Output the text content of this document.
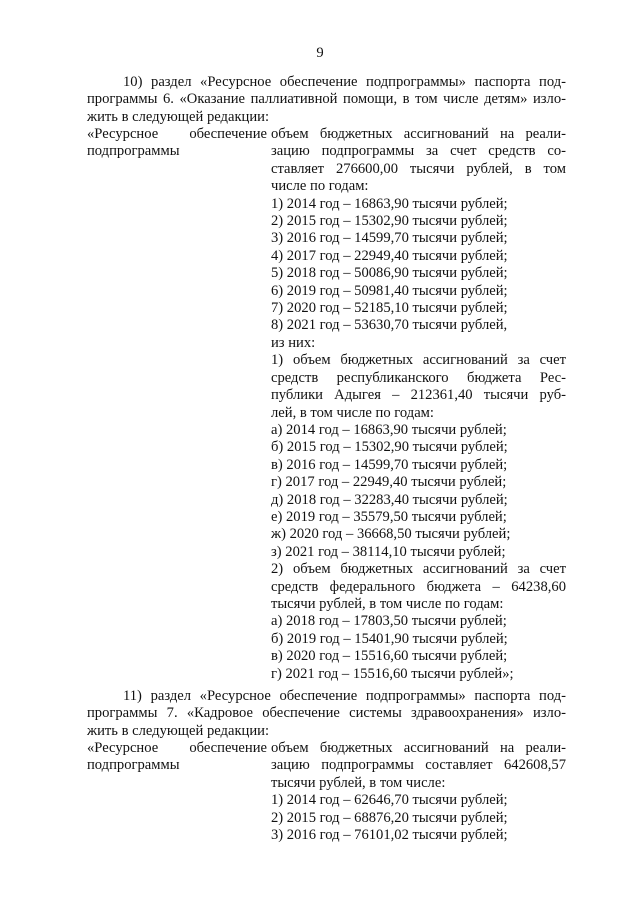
9
10) раздел «Ресурсное обеспечение подпрограммы» паспорта под-
программы 6. «Оказание паллиативной помощи, в том числе детям» изло-
жить в следующей редакции:
«Ресурсное обеспечение
подпрограммы
объем бюджетных ассигнований на реали-
зацию подпрограммы за счет средств со-
ставляет 276600,00 тысячи рублей, в том
числе по годам:
1) 2014 год – 16863,90 тысячи рублей;
2) 2015 год – 15302,90 тысячи рублей;
3) 2016 год – 14599,70 тысячи рублей;
4) 2017 год – 22949,40 тысячи рублей;
5) 2018 год – 50086,90 тысячи рублей;
6) 2019 год – 50981,40 тысячи рублей;
7) 2020 год – 52185,10 тысячи рублей;
8) 2021 год – 53630,70 тысячи рублей,
из них:
1) объем бюджетных ассигнований за счет
средств республиканского бюджета Рес-
публики Адыгея – 212361,40 тысячи руб-
лей, в том числе по годам:
а) 2014 год – 16863,90 тысячи рублей;
б) 2015 год – 15302,90 тысячи рублей;
в) 2016 год – 14599,70 тысячи рублей;
г) 2017 год – 22949,40 тысячи рублей;
д) 2018 год – 32283,40 тысячи рублей;
е) 2019 год – 35579,50 тысячи рублей;
ж) 2020 год – 36668,50 тысячи рублей;
з) 2021 год – 38114,10 тысячи рублей;
2) объем бюджетных ассигнований за счет
средств федерального бюджета – 64238,60
тысячи рублей, в том числе по годам:
а) 2018 год – 17803,50 тысячи рублей;
б) 2019 год – 15401,90 тысячи рублей;
в) 2020 год – 15516,60 тысячи рублей;
г) 2021 год – 15516,60 тысячи рублей»;
11) раздел «Ресурсное обеспечение подпрограммы» паспорта под-
программы 7. «Кадровое обеспечение системы здравоохранения» изло-
жить в следующей редакции:
«Ресурсное обеспечение
подпрограммы
объем бюджетных ассигнований на реали-
зацию подпрограммы составляет 642608,57
тысячи рублей, в том числе:
1) 2014 год – 62646,70 тысячи рублей;
2) 2015 год – 68876,20 тысячи рублей;
3) 2016 год – 76101,02 тысячи рублей;
